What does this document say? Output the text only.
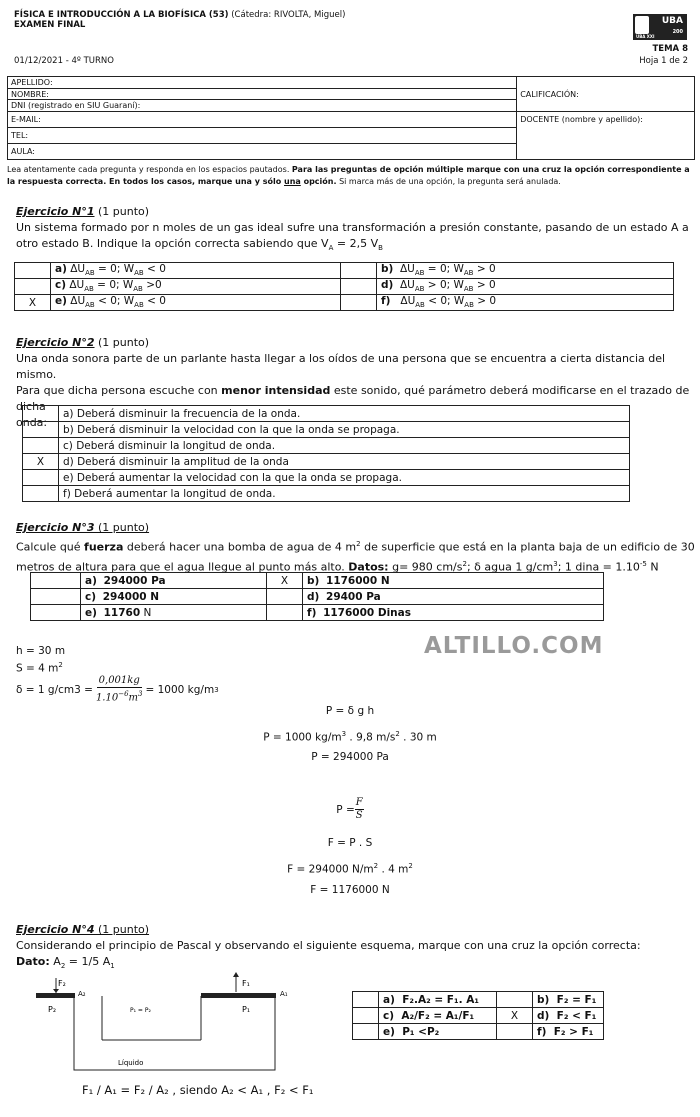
FÍSICA E INTRODUCCIÓN A LA BIOFÍSICA (53) (Cátedra: RIVOLTA, Miguel)
EXAMEN FINAL
01/12/2021 - 4º TURNO
UBA
200
UBA XXI
TEMA 8
Hoja 1 de 2
APELLIDO:	CALIFICACIÓN:
NOMBRE:	
DNI (registrado en SIU Guaraní):	
E-MAIL:	DOCENTE (nombre y apellido):
TEL:	
AULA:	
Lea atentamente cada pregunta y responda en los espacios pautados. Para las preguntas de opción múltiple marque con una cruz la opción correspondiente a la respuesta correcta. En todos los casos, marque una y sólo una opción. Si marca más de una opción, la pregunta será anulada.
Ejercicio N°1 (1 punto)
Un sistema formado por n moles de un gas ideal sufre una transformación a presión constante, pasando de un estado A a
otro estado B. Indique la opción correcta sabiendo que $V_A = 2,5$ $V_B$
	a) $\Delta U_{AB} = 0$; $W_{AB} < 0$		b)  $\Delta U_{AB} = 0$; $W_{AB} > 0$
	c) $\Delta U_{AB} = 0$; $W_{AB} >0$		d)  $\Delta U_{AB} > 0$; $W_{AB} > 0$
X	e) $\Delta U_{AB} < 0$; $W_{AB} < 0$		f)   $\Delta U_{AB} < 0$; $W_{AB} > 0$
Ejercicio N°2 (1 punto)
Una onda sonora parte de un parlante hasta llegar a los oídos de una persona que se encuentra a cierta distancia del mismo.
Para que dicha persona escuche con menor intensidad este sonido, qué parámetro deberá modificarse en el trazado de dicha
onda:
	a) Deberá disminuir la frecuencia de la onda.
	b) Deberá disminuir la velocidad con la que la onda se propaga.
	c) Deberá disminuir la longitud de onda.
X	d) Deberá disminuir la amplitud de la onda
	e) Deberá aumentar la velocidad con la que la onda se propaga.
	f) Deberá aumentar la longitud de onda.
Ejercicio N°3 (1 punto)
Calcule qué fuerza deberá hacer una bomba de agua de 4 $m^2$ de superficie que está en la planta baja de un edificio de 30
metros de altura para que el agua llegue al punto más alto. Datos: g= 980 $cm/s^2$; δ agua 1 $g/cm^3$; 1 dina = $1.10^{-5}$ N
	a) 294000 Pa	X	b) 1176000 N
	c) 294000 N		d) 29400 Pa
	e) 11760 N		f) 1176000 Dinas
ALTILLO.COM
h = 30 m
S = 4 $m^2$
δ = 1 $g/cm3 = \frac{0,001kg}{1.10^{-6}m^3} = 1000$ kg/m 3
P = δ g h
P = 1000 $kg/m^3$ . 9,8 $m/s^2$ . 30 m
P = 294000 Pa
$P = \frac{F}{S}$
F = P . S
F = 294000 $N/m^2$ . 4 $m^2$
F = 1176000 N
Ejercicio N°4 (1 punto)
Considerando el principio de Pascal y observando el siguiente esquema, marque con una cruz la opción correcta:
Dato: $A_2 = 1/5$ $A_1$
F₂
A₂
P₂
F₁
A₁
P₁
P₁ = P₂
Líquido
	a) F₂.A₂ = F₁. A₁		b) F₂ = F₁
	c) A₂/F₂ = A₁/F₁	X	d) F₂ < F₁
	e) P₁ <P₂		f) F₂ > F₁
F₁ / A₁ = F₂ / A₂ , siendo A₂ < A₁ , F₂ < F₁
